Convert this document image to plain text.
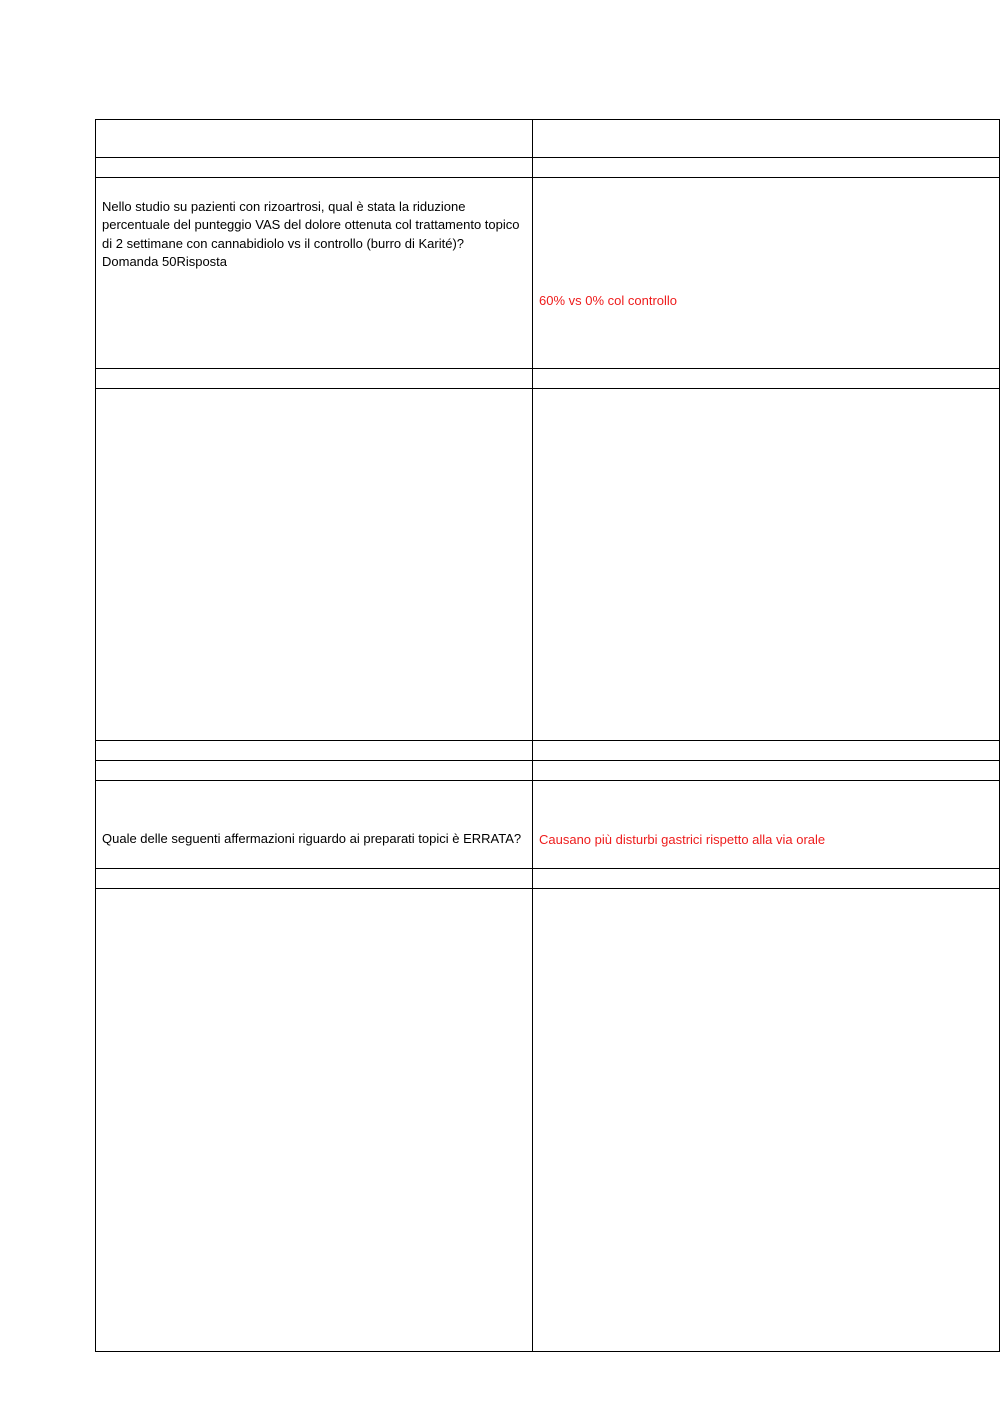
Nello studio su pazienti con rizoartrosi, qual è stata la riduzione percentuale del punteggio VAS del dolore ottenuta col trattamento topico di 2 settimane con cannabidiolo vs il controllo (burro di Karité)?
Domanda 50Risposta	60% vs 0% col controllo

Quale delle seguenti affermazioni riguardo ai preparati topici è ERRATA?	Causano più disturbi gastrici rispetto alla via orale
